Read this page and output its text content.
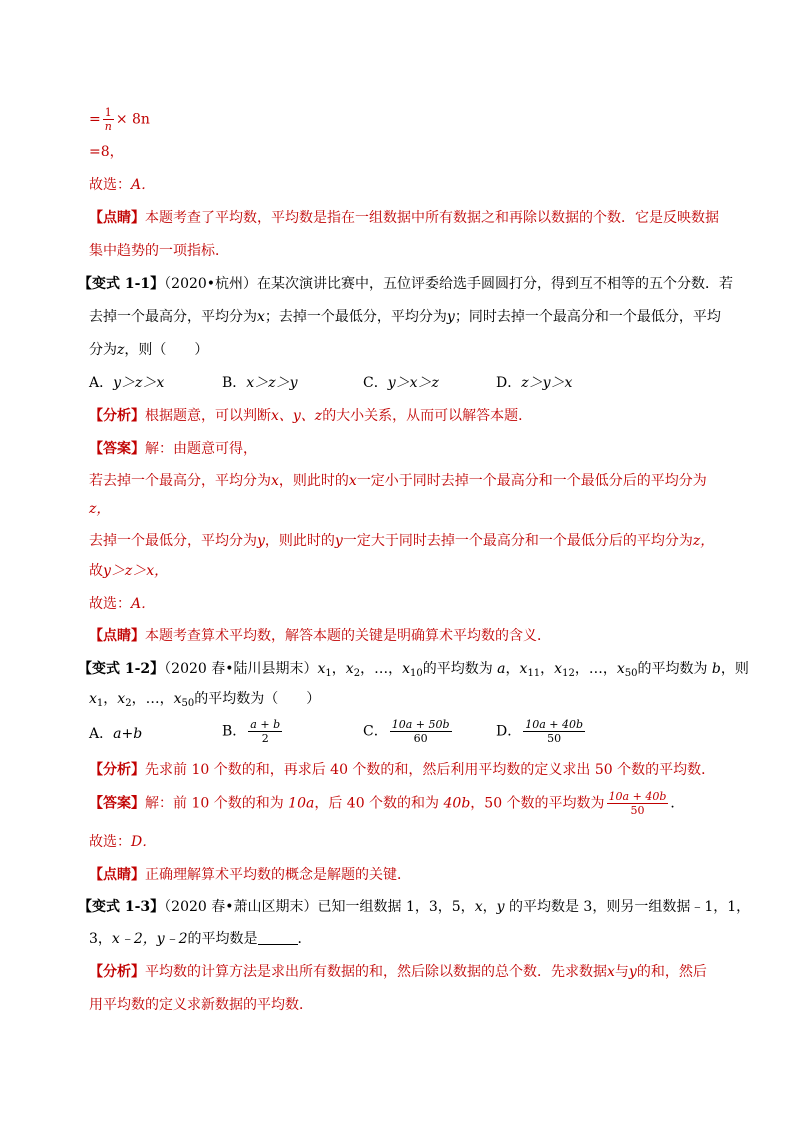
= $\frac{1}{n} \times 8n$
=8，
故选：A．
【点睛】本题考查了平均数，平均数是指在一组数据中所有数据之和再除以数据的个数．它是反映数据
集中趋势的一项指标．
【变式 1-1】（2020•杭州）在某次演讲比赛中，五位评委给选手圆圆打分，得到互不相等的五个分数．若
去掉一个最高分，平均分为x；去掉一个最低分，平均分为y；同时去掉一个最高分和一个最低分，平均
分为z，则（　　）
A．y＞z＞x	B．x＞z＞y	C．y＞x＞z	D．z＞y＞x
【分析】根据题意，可以判断x、y、z的大小关系，从而可以解答本题．
【答案】解：由题意可得，
若去掉一个最高分，平均分为x，则此时的x一定小于同时去掉一个最高分和一个最低分后的平均分为
z，
去掉一个最低分，平均分为y，则此时的y一定大于同时去掉一个最高分和一个最低分后的平均分为z，
故y＞z＞x，
故选：A．
【点睛】本题考查算术平均数，解答本题的关键是明确算术平均数的含义．
【变式 1-2】（2020 春•陆川县期末）$x_1$，$x_2$，…，$x_{10}$的平均数为 a，$x_{11}$，$x_{12}$，…，$x_{50}$的平均数为 b，则
$x_1$，$x_2$，…，$x_{50}$的平均数为（　　）
A．a+b	B． $\frac{a + b}{2}$	C． $\frac{10a + 50b}{60}$	D． $\frac{10a + 40b}{50}$
【分析】先求前 10 个数的和，再求后 40 个数的和，然后利用平均数的定义求出 50 个数的平均数．
【答案】解：前 10 个数的和为 10a，后 40 个数的和为 40b，50 个数的平均数为 $\frac{10a + 40b}{50}$ ．
故选：D．
【点睛】正确理解算术平均数的概念是解题的关键．
【变式 1-3】（2020 春•萧山区期末）已知一组数据 1，3，5，x，y 的平均数是 3，则另一组数据﹣1，1，
3，x﹣2，y﹣2的平均数是	．
【分析】平均数的计算方法是求出所有数据的和，然后除以数据的总个数．先求数据x与y的和，然后
用平均数的定义求新数据的平均数．
